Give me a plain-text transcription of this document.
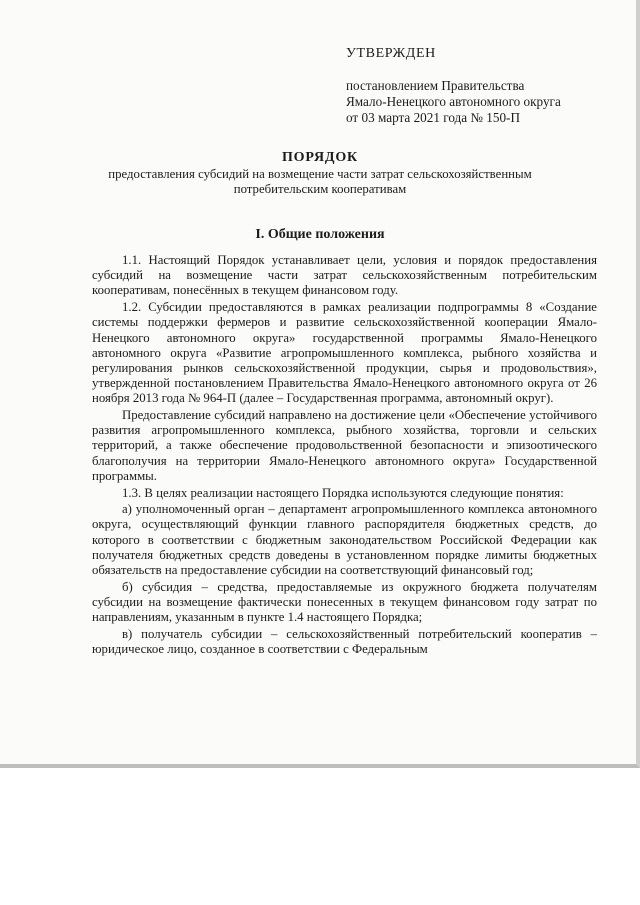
УТВЕРЖДЕН
постановлением Правительства
Ямало-Ненецкого автономного округа
от 03 марта 2021 года № 150-П
ПОРЯДОК
предоставления субсидий на возмещение части затрат сельскохозяйственным потребительским кооперативам
I. Общие положения

1.1. Настоящий Порядок устанавливает цели, условия и порядок предоставления субсидий на возмещение части затрат сельскохозяйственным потребительским кооперативам, понесённых в текущем финансовом году.

1.2. Субсидии предоставляются в рамках реализации подпрограммы 8 «Создание системы поддержки фермеров и развитие сельскохозяйственной кооперации Ямало-Ненецкого автономного округа» государственной программы Ямало-Ненецкого автономного округа «Развитие агропромышленного комплекса, рыбного хозяйства и регулирования рынков сельскохозяйственной продукции, сырья и продовольствия», утвержденной постановлением Правительства Ямало-Ненецкого автономного округа от 26 ноября 2013 года № 964-П (далее – Государственная программа, автономный округ).

Предоставление субсидий направлено на достижение цели «Обеспечение устойчивого развития агропромышленного комплекса, рыбного хозяйства, торговли и сельских территорий, а также обеспечение продовольственной безопасности и эпизоотического благополучия на территории Ямало-Ненецкого автономного округа» Государственной программы.

1.3. В целях реализации настоящего Порядка используются следующие понятия:

а) уполномоченный орган – департамент агропромышленного комплекса автономного округа, осуществляющий функции главного распорядителя бюджетных средств, до которого в соответствии с бюджетным законодательством Российской Федерации как получателя бюджетных средств доведены в установленном порядке лимиты бюджетных обязательств на предоставление субсидии на соответствующий финансовый год;

б) субсидия – средства, предоставляемые из окружного бюджета получателям субсидии на возмещение фактически понесенных в текущем финансовом году затрат по направлениям, указанным в пункте 1.4 настоящего Порядка;

в) получатель субсидии – сельскохозяйственный потребительский кооператив – юридическое лицо, созданное в соответствии с Федеральным
